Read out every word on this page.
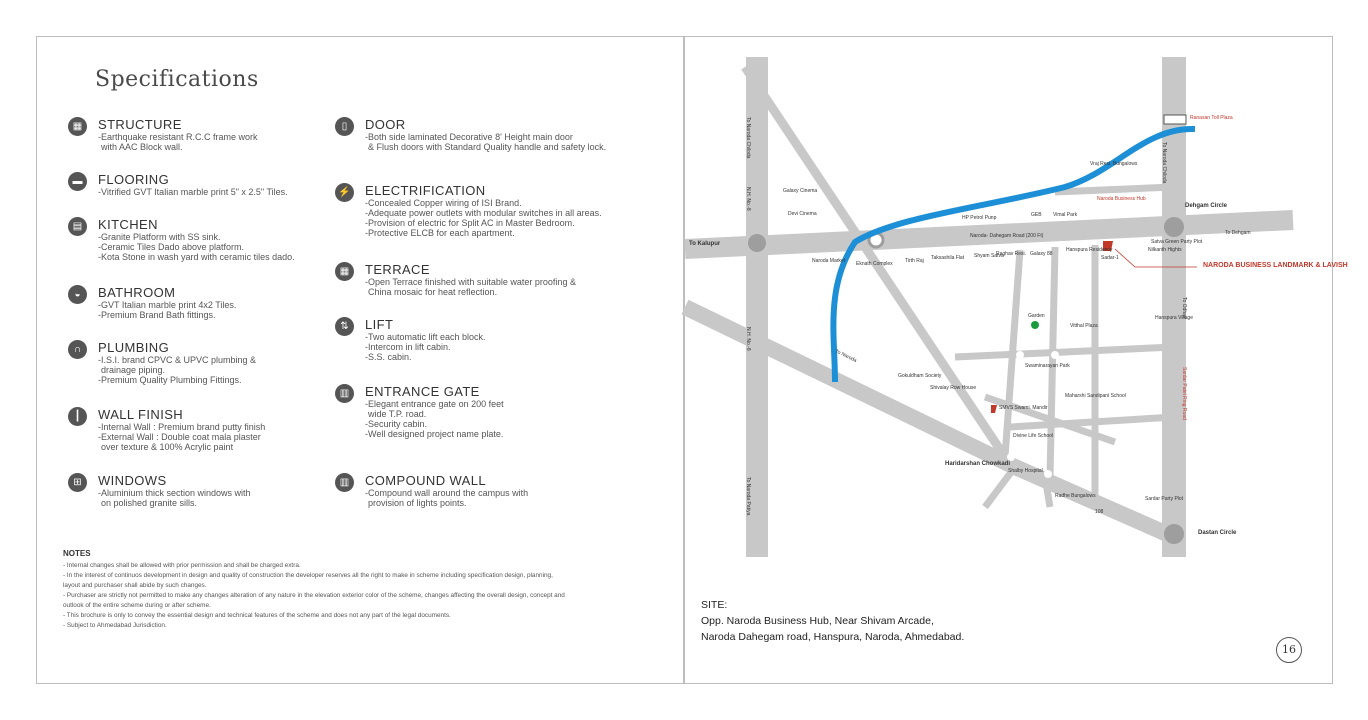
Specifications
▦	STRUCTURE
-Earthquake resistant R.C.C frame work
with AAC Block wall.
▬	FLOORING
-Vitrified GVT Italian marble print 5" x 2.5" Tiles.
▤	KITCHEN
-Granite Platform with SS sink.
-Ceramic Tiles Dado above platform.
-Kota Stone in wash yard with ceramic tiles dado.
◒	BATHROOM
-GVT Italian marble print 4x2 Tiles.
-Premium Brand Bath fittings.
∩	PLUMBING
-I.S.I. brand CPVC & UPVC plumbing &
drainage piping.
-Premium Quality Plumbing Fittings.
┃	WALL FINISH
-Internal Wall : Premium brand putty finish
-External Wall : Double coat mala plaster
over texture & 100% Acrylic paint
⊞	WINDOWS
-Aluminium thick section windows with
on polished granite sills.
▯	DOOR
-Both side laminated Decorative 8' Height main door
& Flush doors with Standard Quality handle and safety lock.
⚡ ELECTRIFICATION
-Concealed Copper wiring of ISI Brand.
-Adequate power outlets with modular switches in all areas.
-Provision of electric for Split AC in Master Bedroom.
-Protective ELCB for each apartment.
▦	TERRACE
-Open Terrace finished with suitable water proofing &
China mosaic for heat reflection.
⇅	LIFT
-Two automatic lift each block.
-Intercom in lift cabin.
-S.S. cabin.
▥	ENTRANCE GATE
-Elegant entrance gate on 200 feet
wide T.P. road.
-Security cabin.
-Well designed project name plate.
▥	COMPOUND WALL
-Compound wall around the campus with
provision of lights points.
NOTES
- Internal changes shall be allowed with prior permission and shall be charged extra.
- In the interest of continuos development in design and quality of construction the developer reserves all the right to make in scheme including specification design, planning,
layout and purchaser shall abide by such changes.
- Purchaser are strictly not permitted to make any changes alteration of any nature in the elevation exterior color of the scheme, changes affecting the overall design, concept and
outlook of the entire scheme during or after scheme.
- This brochure is only to convey the essential design and technical features of the scheme and does not any part of the legal documents.
- Subject to Ahmedabad Jurisdiction.
To Kalupur
To Naroda Chiloda
N.H. No.-8
N.H. No.-8
To Naroda Patiya
To Naroda
Galaxy Cinema
Devi Cinema
Naroda Market Eknath Complex Tirth Raj Taksashila Flat Shyam Satva
Raghav Resi. Galaxy 88
Hanspura Residency
HP Petrol Punp	GEB Vimal Park
Naroda Business Hub
Naroda- Dahegam Road (200 Ft)
Sadar-1
Vraj Resi. Bungalows	To Naroda Chiloda
Ranasan Toll Plaza
Dehgam Circle
To Dehgam
Satva Green Party Plot
Nilkanth Hights
NARODA BUSINESS LANDMARK & LAVISH
Vitthal Plaza
Hanspura Village
To Odhav
Sardar Patel Ring Road
Garden
Gokuldham Society
Swaminarayan Park
Shivalay Row House
Maharshi Sandipani School
SMVS Swami. Mandir
Divine Life School
Haridarshan Chowkadi
Shalby Hospital
Radhe Bungalows
108
Sardar Party Plot
Dastan Circle
SITE:
Opp. Naroda Business Hub, Near Shivam Arcade,
Naroda Dahegam road, Hanspura, Naroda, Ahmedabad.
16
